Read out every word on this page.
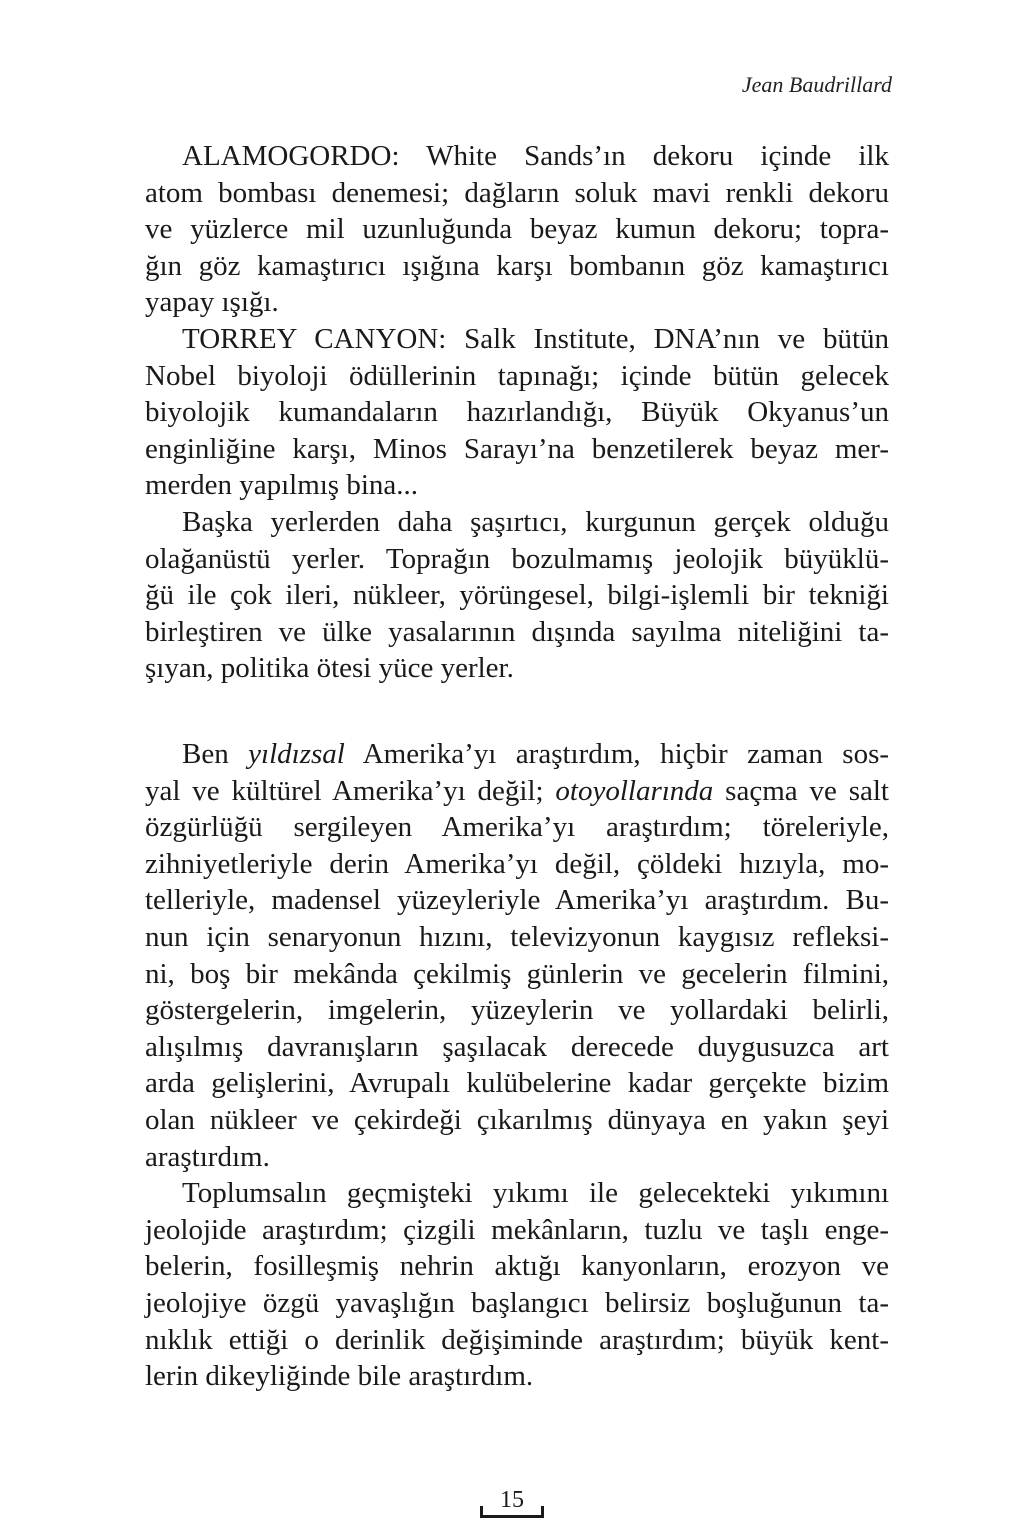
Jean Baudrillard
ALAMOGORDO: White Sands’ın dekoru içinde ilk
atom bombası denemesi; dağların soluk mavi renkli dekoru
ve yüzlerce mil uzunluğunda beyaz kumun dekoru; topra-
ğın göz kamaştırıcı ışığına karşı bombanın göz kamaştırıcı
yapay ışığı.
TORREY CANYON: Salk Institute, DNA’nın ve bütün
Nobel biyoloji ödüllerinin tapınağı; içinde bütün gelecek
biyolojik kumandaların hazırlandığı, Büyük Okyanus’un
enginliğine karşı, Minos Sarayı’na benzetilerek beyaz mer-
merden yapılmış bina...
Başka yerlerden daha şaşırtıcı, kurgunun gerçek olduğu
olağanüstü yerler. Toprağın bozulmamış jeolojik büyüklü-
ğü ile çok ileri, nükleer, yörüngesel, bilgi-işlemli bir tekniği
birleştiren ve ülke yasalarının dışında sayılma niteliğini ta-
şıyan, politika ötesi yüce yerler.
Ben yıldızsal Amerika’yı araştırdım, hiçbir zaman sos-
yal ve kültürel Amerika’yı değil; otoyollarında saçma ve salt
özgürlüğü sergileyen Amerika’yı araştırdım; töreleriyle,
zihniyetleriyle derin Amerika’yı değil, çöldeki hızıyla, mo-
telleriyle, madensel yüzeyleriyle Amerika’yı araştırdım. Bu-
nun için senaryonun hızını, televizyonun kaygısız refleksi-
ni, boş bir mekânda çekilmiş günlerin ve gecelerin filmini,
göstergelerin, imgelerin, yüzeylerin ve yollardaki belirli,
alışılmış davranışların şaşılacak derecede duygusuzca art
arda gelişlerini, Avrupalı kulübelerine kadar gerçekte bizim
olan nükleer ve çekirdeği çıkarılmış dünyaya en yakın şeyi
araştırdım.
Toplumsalın geçmişteki yıkımı ile gelecekteki yıkımını
jeolojide araştırdım; çizgili mekânların, tuzlu ve taşlı enge-
belerin, fosilleşmiş nehrin aktığı kanyonların, erozyon ve
jeolojiye özgü yavaşlığın başlangıcı belirsiz boşluğunun ta-
nıklık ettiği o derinlik değişiminde araştırdım; büyük kent-
lerin dikeyliğinde bile araştırdım.
15
